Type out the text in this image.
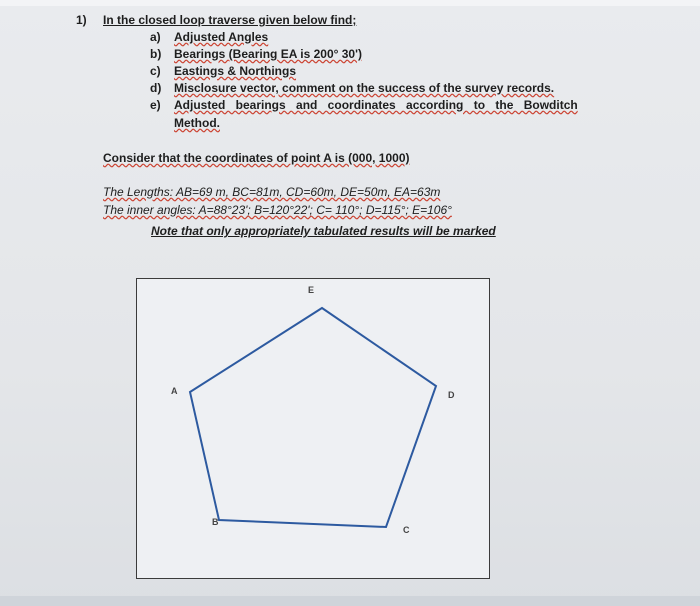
1) In the closed loop traverse given below find;
a) Adjusted Angles
b) Bearings (Bearing EA is 200° 30')
c) Eastings & Northings
d) Misclosure vector, comment on the success of the survey records.
e) Adjusted bearings and coordinates according to the Bowditch
Method.
Consider that the coordinates of point A is (000, 1000)
The Lengths: AB=69 m, BC=81m, CD=60m, DE=50m, EA=63m
The inner angles: A=88°23'; B=120°22'; C= 110°; D=115°; E=106°
Note that only appropriately tabulated results will be marked
E
A	D
B
C
